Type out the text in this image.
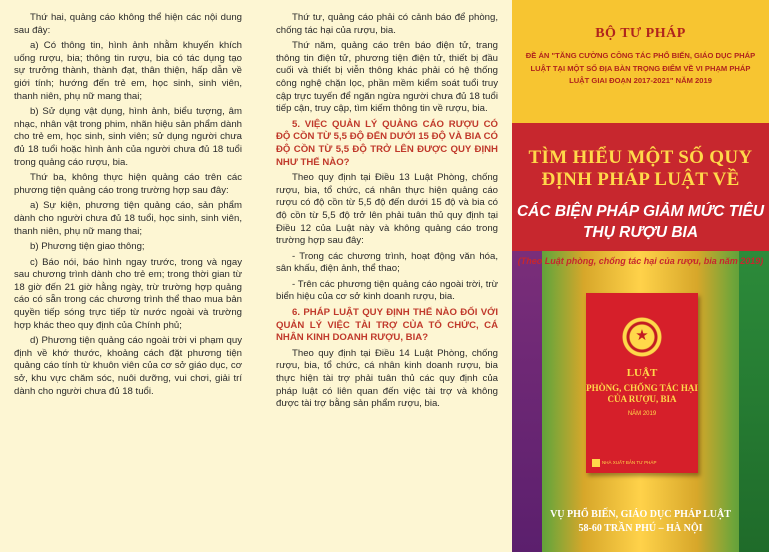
Thứ hai, quảng cáo không thể hiện các nội dung sau đây:

a) Có thông tin, hình ảnh nhằm khuyến khích uống rượu, bia; thông tin rượu, bia có tác dụng tạo sự trưởng thành, thành đạt, thân thiện, hấp dẫn về giới tính; hướng đến trẻ em, học sinh, sinh viên, thanh niên, phụ nữ mang thai;

b) Sử dụng vật dụng, hình ảnh, biểu tượng, âm nhạc, nhân vật trong phim, nhãn hiệu sản phẩm dành cho trẻ em, học sinh, sinh viên; sử dụng người chưa đủ 18 tuổi hoặc hình ảnh của người chưa đủ 18 tuổi trong quảng cáo rượu, bia.

Thứ ba, không thực hiện quảng cáo trên các phương tiện quảng cáo trong trường hợp sau đây:

a) Sự kiện, phương tiện quảng cáo, sản phẩm dành cho người chưa đủ 18 tuổi, học sinh, sinh viên, thanh niên, phụ nữ mang thai;

b) Phương tiện giao thông;

c) Báo nói, báo hình ngay trước, trong và ngay sau chương trình dành cho trẻ em; trong thời gian từ 18 giờ đến 21 giờ hằng ngày, trừ trường hợp quảng cáo có sẵn trong các chương trình thể thao mua bản quyền tiếp sóng trực tiếp từ nước ngoài và trường hợp khác theo quy định của Chính phủ;

d) Phương tiện quảng cáo ngoài trời vi phạm quy định về khớ thước, khoảng cách đặt phương tiện quảng cáo tính từ khuôn viên của cơ sở giáo dục, cơ sở, khu vực chăm sóc, nuôi dưỡng, vui chơi, giải trí dành cho người chưa đủ 18 tuổi.

Thứ tư, quảng cáo phải có cảnh báo để phòng, chống tác hại của rượu, bia.

Thứ năm, quảng cáo trên báo điện tử, trang thông tin điện tử, phương tiện điện tử, thiết bị đầu cuối và thiết bị viễn thông khác phải có hệ thống công nghệ chặn lọc, phần mềm kiểm soát tuổi truy cập trực tuyến để ngăn ngừa người chưa đủ 18 tuổi tiếp cận, truy cập, tìm kiếm thông tin về rượu, bia.

5. VIỆC QUẢN LÝ QUẢNG CÁO RƯỢU CÓ ĐỘ CỒN TỪ 5,5 ĐỘ ĐẾN DƯỚI 15 ĐỘ VÀ BIA CÓ ĐỘ CỒN TỪ 5,5 ĐỘ TRỞ LÊN ĐƯỢC QUY ĐỊNH NHƯ THẾ NÀO?

Theo quy định tại Điều 13 Luật Phòng, chống rượu, bia, tổ chức, cá nhân thực hiện quảng cáo rượu có độ cồn từ 5,5 độ đến dưới 15 độ và bia có độ cồn từ 5,5 độ trở lên phải tuân thủ quy định tại Điều 12 của Luật này và không quảng cáo trong trường hợp sau đây:

- Trong các chương trình, hoạt động văn hóa, sân khấu, điện ảnh, thể thao;

- Trên các phương tiện quảng cáo ngoài trời, trừ biển hiệu của cơ sở kinh doanh rượu, bia.

6. PHÁP LUẬT QUY ĐỊNH THẾ NÀO ĐỐI VỚI QUẢN LÝ VIỆC TÀI TRỢ CỦA TỔ CHỨC, CÁ NHÂN KINH DOANH RƯỢU, BIA?

Theo quy định tại Điều 14 Luật Phòng, chống rượu, bia, tổ chức, cá nhân kinh doanh rượu, bia thực hiện tài trợ phải tuân thủ các quy định của pháp luật có liên quan đến việc tài trợ và không được tài trợ bằng sản phẩm rượu, bia.

BỘ TƯ PHÁP
ĐỀ ÁN "TĂNG CƯỜNG CÔNG TÁC PHỔ BIẾN, GIÁO DỤC PHÁP LUẬT TẠI MỘT SỐ ĐỊA BÀN TRỌNG ĐIỂM VỀ VI PHẠM PHÁP LUẬT GIAI ĐOẠN 2017-2021" NĂM 2019
TÌM HIỂU MỘT SỐ QUY ĐỊNH PHÁP LUẬT VỀ
CÁC BIỆN PHÁP GIẢM MỨC TIÊU THỤ RƯỢU BIA
(Theo Luật phòng, chống tác hại của rượu, bia năm 2019)
★
LUẬT
PHÒNG, CHỐNG TÁC HẠI CỦA RƯỢU, BIA
NĂM 2019
NHÀ XUẤT BẢN TƯ PHÁP
VỤ PHỔ BIẾN, GIÁO DỤC PHÁP LUẬT
58-60 TRẦN PHÚ – HÀ NỘI
